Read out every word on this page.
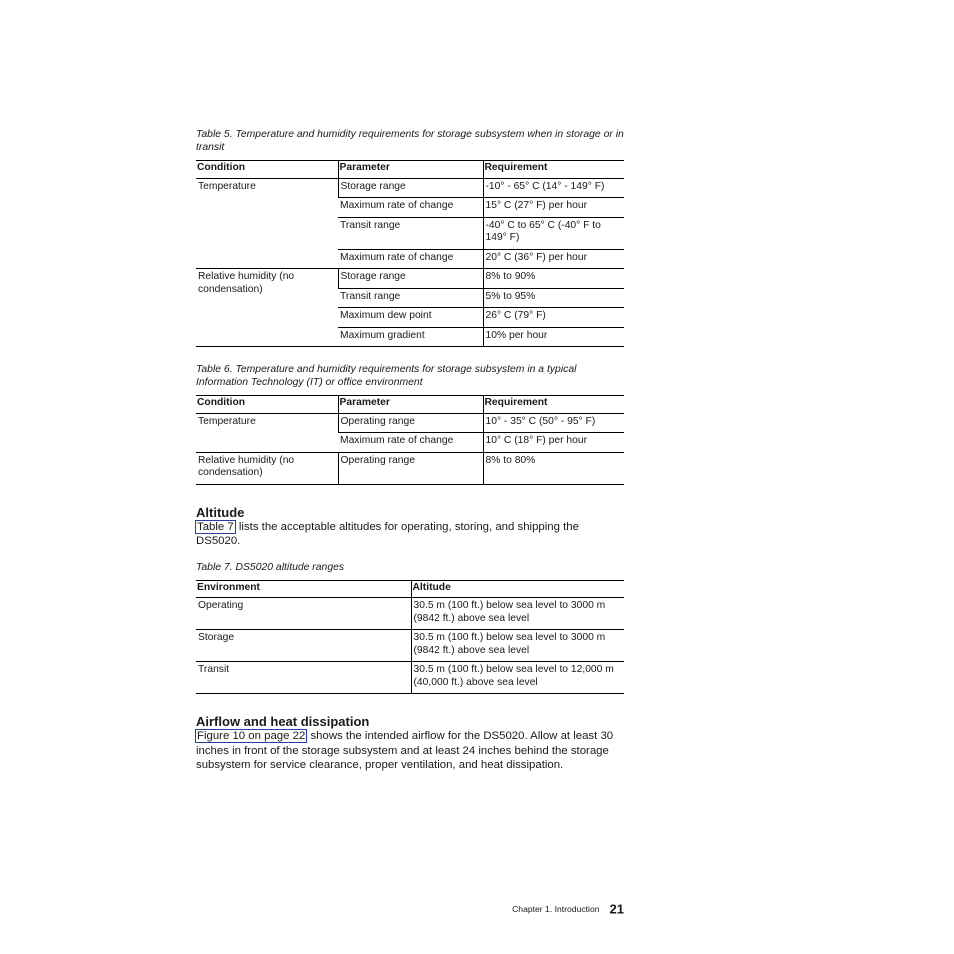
Table 5. Temperature and humidity requirements for storage subsystem when in storage or in transit

Condition	Parameter	Requirement
Temperature	Storage range	-10° - 65° C (14° - 149° F)
	Maximum rate of change	15° C (27° F) per hour
	Transit range	-40° C to 65° C (-40° F to 149° F)
	Maximum rate of change	20° C (36° F) per hour
Relative humidity (no condensation)	Storage range	8% to 90%
	Transit range	5% to 95%
	Maximum dew point	26° C (79° F)
	Maximum gradient	10% per hour

Table 6. Temperature and humidity requirements for storage subsystem in a typical Information Technology (IT) or office environment

Condition	Parameter	Requirement
Temperature	Operating range	10° - 35° C (50° - 95° F)
	Maximum rate of change	10° C (18° F) per hour
Relative humidity (no condensation)	Operating range	8% to 80%
Altitude

Table 7 lists the acceptable altitudes for operating, storing, and shipping the DS5020.

Table 7. DS5020 altitude ranges

Environment	Altitude
Operating	30.5 m (100 ft.) below sea level to 3000 m (9842 ft.) above sea level
Storage	30.5 m (100 ft.) below sea level to 3000 m (9842 ft.) above sea level
Transit	30.5 m (100 ft.) below sea level to 12,000 m (40,000 ft.) above sea level
Airflow and heat dissipation

Figure 10 on page 22 shows the intended airflow for the DS5020. Allow at least 30 inches in front of the storage subsystem and at least 24 inches behind the storage subsystem for service clearance, proper ventilation, and heat dissipation.

Chapter 1. Introduction 21
